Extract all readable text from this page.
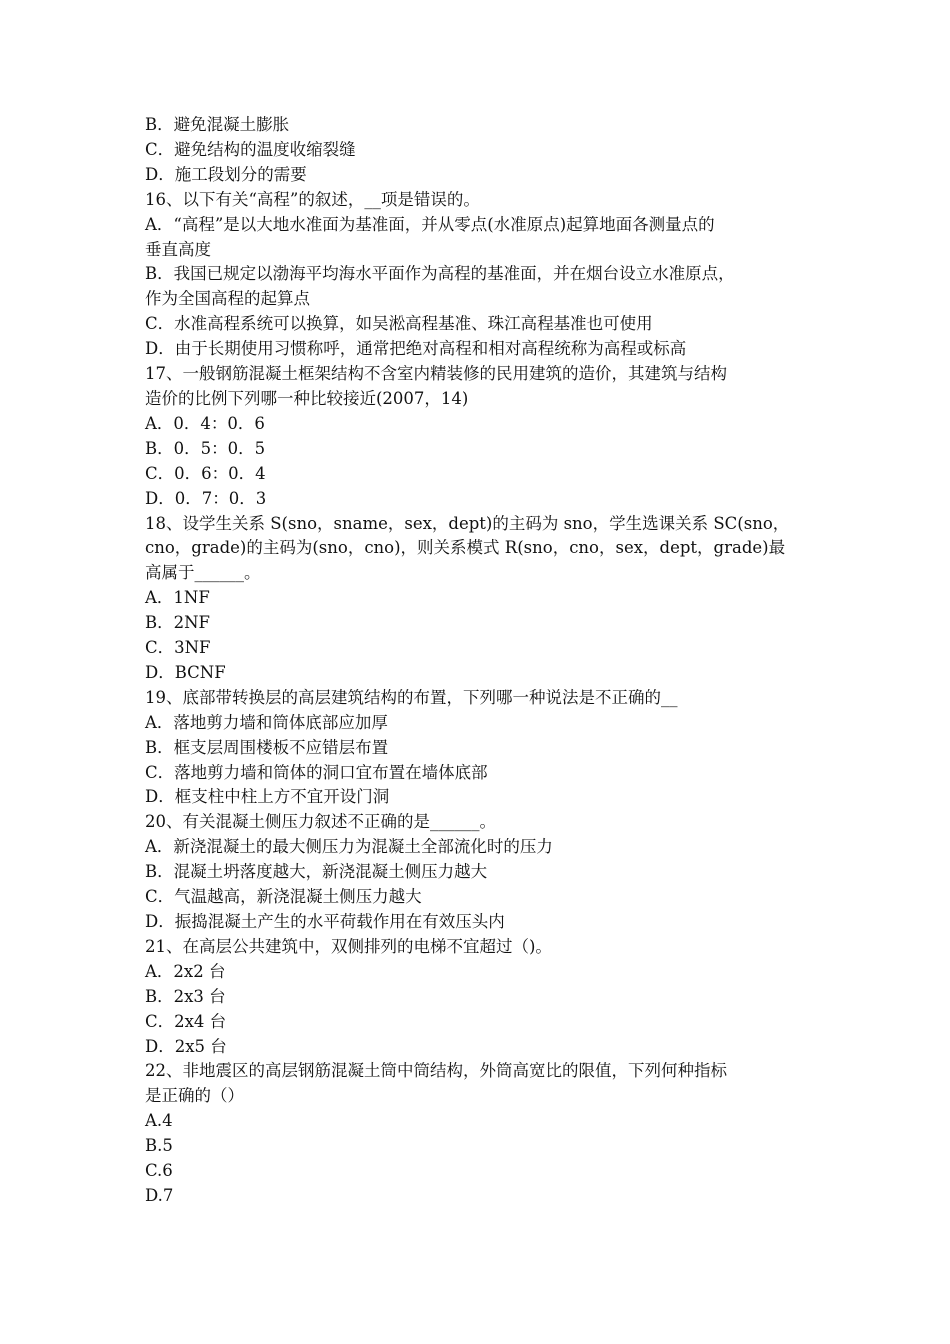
B．避免混凝土膨胀

C．避免结构的温度收缩裂缝

D．施工段划分的需要

16、以下有关“高程”的叙述，__项是错误的。

A．“高程”是以大地水准面为基准面，并从零点(水准原点)起算地面各测量点的

垂直高度

B．我国已规定以渤海平均海水平面作为高程的基准面，并在烟台设立水准原点，

作为全国高程的起算点

C．水准高程系统可以换算，如吴淞高程基准、珠江高程基准也可使用

D．由于长期使用习惯称呼，通常把绝对高程和相对高程统称为高程或标高

17、一般钢筋混凝土框架结构不含室内精装修的民用建筑的造价，其建筑与结构

造价的比例下列哪一种比较接近(2007，14)

A．0．4：0．6

B．0．5：0．5

C．0．6：0．4

D．0．7：0．3

18、设学生关系 S(sno，sname，sex，dept)的主码为 sno，学生选课关系 SC(sno，

cno，grade)的主码为(sno，cno)，则关系模式 R(sno，cno，sex，dept，grade)最

高属于______。

A．1NF

B．2NF

C．3NF

D．BCNF

19、底部带转换层的高层建筑结构的布置，下列哪一种说法是不正确的__

A．落地剪力墙和筒体底部应加厚

B．框支层周围楼板不应错层布置

C．落地剪力墙和筒体的洞口宜布置在墙体底部

D．框支柱中柱上方不宜开设门洞

20、有关混凝土侧压力叙述不正确的是______。

A．新浇混凝土的最大侧压力为混凝土全部流化时的压力

B．混凝土坍落度越大，新浇混凝土侧压力越大

C．气温越高，新浇混凝土侧压力越大

D．振捣混凝土产生的水平荷载作用在有效压头内

21、在高层公共建筑中，双侧排列的电梯不宜超过（)。

A．2x2 台

B．2x3 台

C．2x4 台

D．2x5 台

22、非地震区的高层钢筋混凝土筒中筒结构，外筒高宽比的限值，下列何种指标

是正确的（）

A.4

B.5

C.6

D.7
